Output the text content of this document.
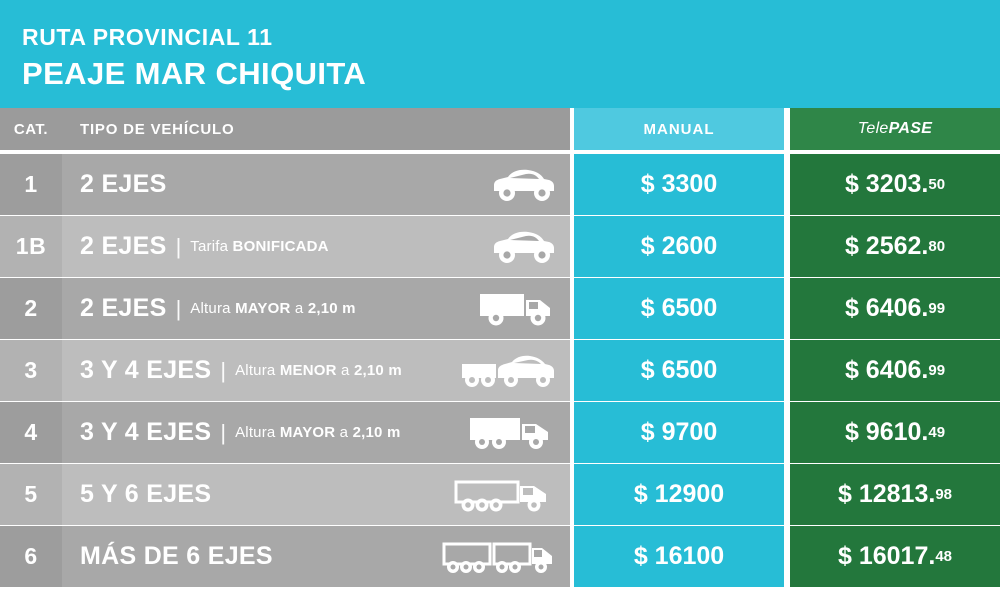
RUTA PROVINCIAL 11
PEAJE MAR CHIQUITA
CAT.	TIPO DE VEHÍCULO	MANUAL	Tele PASE
1	2 EJES	$ 3300	$ 3203. 50
1B	2 EJES | Tarifa BONIFICADA	$ 2600	$ 2562. 80
2	2 EJES | Altura MAYOR a 2,10 m	$ 6500	$ 6406. 99
3	3 Y 4 EJES | Altura MENOR a 2,10 m	$ 6500	$ 6406. 99
4	3 Y 4 EJES | Altura MAYOR a 2,10 m	$ 9700	$ 9610. 49
5	5 Y 6 EJES	$ 12900	$ 12813. 98
6	MÁS DE 6 EJES	$ 16100	$ 16017. 48
